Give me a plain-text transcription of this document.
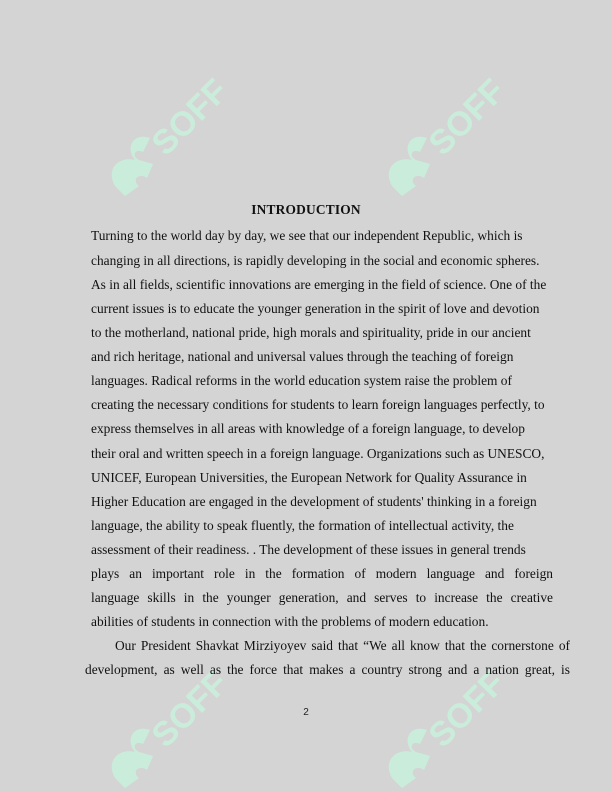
SOFF	SOFF
SOFF	SOFF
INTRODUCTION
Turning to the world day by day, we see that our independent Republic, which is
changing in all directions, is rapidly developing in the social and economic spheres.
As in all fields, scientific innovations are emerging in the field of science. One of the
current issues is to educate the younger generation in the spirit of love and devotion
to the motherland, national pride, high morals and spirituality, pride in our ancient
and rich heritage, national and universal values through the teaching of foreign
languages. Radical reforms in the world education system raise the problem of
creating the necessary conditions for students to learn foreign languages perfectly, to
express themselves in all areas with knowledge of a foreign language, to develop
their oral and written speech in a foreign language. Organizations such as UNESCO,
UNICEF, European Universities, the European Network for Quality Assurance in
Higher Education are engaged in the development of students' thinking in a foreign
language, the ability to speak fluently, the formation of intellectual activity, the
assessment of their readiness. . The development of these issues in general trends
plays an important role in the formation of modern language and foreign
language skills in the younger generation, and serves to increase the creative
abilities of students in connection with the problems of modern education.
Our President Shavkat Mirziyoyev said that “We all know that the cornerstone of
development, as well as the force that makes a country strong and a nation great, is
2
